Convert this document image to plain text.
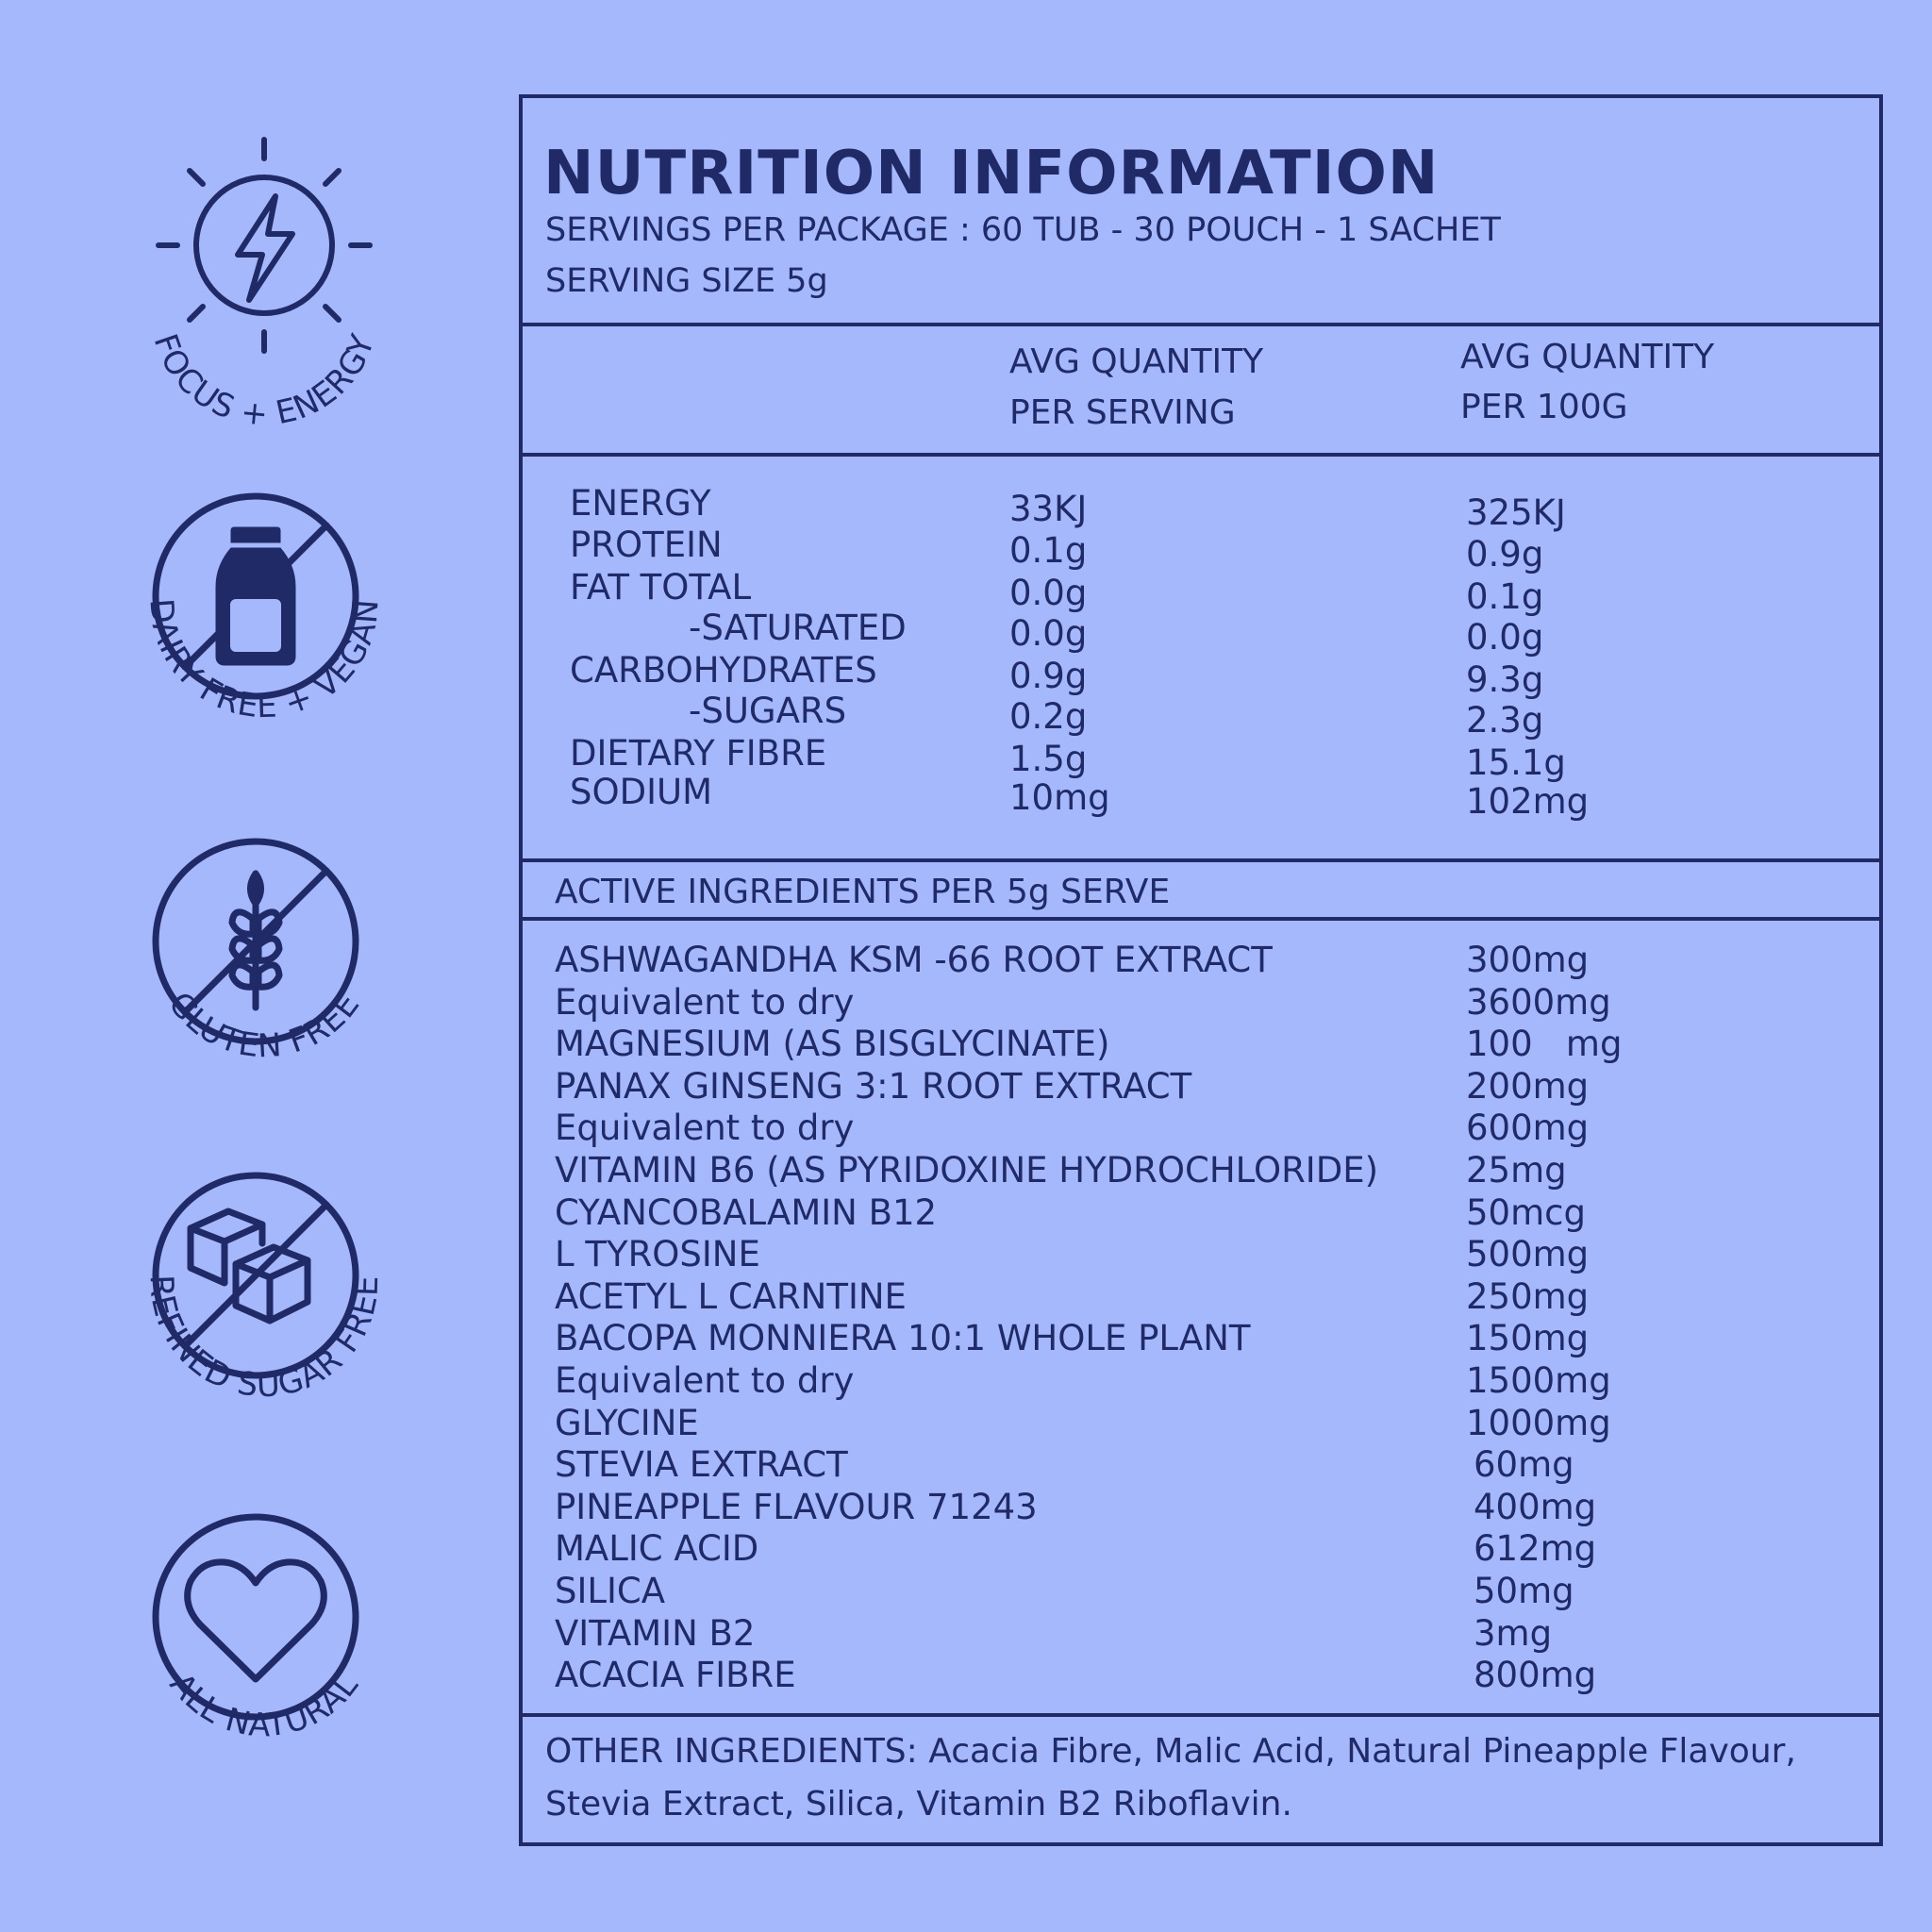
FOCUS + ENERGY
DAIRY FREE + VEGAN
GLUTEN FREE
REFINED SUGAR FREE
ALL NATURAL
NUTRITION INFORMATION
SERVINGS PER PACKAGE : 60 TUB - 30 POUCH - 1 SACHET
SERVING SIZE 5g
AVG QUANTITY
PER SERVING
AVG QUANTITY
PER 100G
ENERGY	33KJ	325KJ
PROTEIN	0.1g	0.9g
FAT TOTAL	0.0g	0.1g
-SATURATED	0.0g	0.0g
CARBOHYDRATES	0.9g	9.3g
-SUGARS	0.2g	2.3g
DIETARY FIBRE	1.5g	15.1g
SODIUM	10mg	102mg
ACTIVE INGREDIENTS PER 5g SERVE
ASHWAGANDHA KSM -66 ROOT EXTRACT	300mg
Equivalent to dry	3600mg
MAGNESIUM (AS BISGLYCINATE)	100   mg
PANAX GINSENG 3:1 ROOT EXTRACT	200mg
Equivalent to dry	600mg
VITAMIN B6 (AS PYRIDOXINE HYDROCHLORIDE)	25mg
CYANCOBALAMIN B12	50mcg
L TYROSINE	500mg
ACETYL L CARNTINE	250mg
BACOPA MONNIERA 10:1 WHOLE PLANT	150mg
Equivalent to dry	1500mg
GLYCINE	1000mg
STEVIA EXTRACT	60mg
PINEAPPLE FLAVOUR 71243	400mg
MALIC ACID	612mg
SILICA	50mg
VITAMIN B2	3mg
ACACIA FIBRE	800mg
OTHER INGREDIENTS: Acacia Fibre, Malic Acid, Natural Pineapple Flavour, Stevia Extract, Silica, Vitamin B2 Riboflavin.
